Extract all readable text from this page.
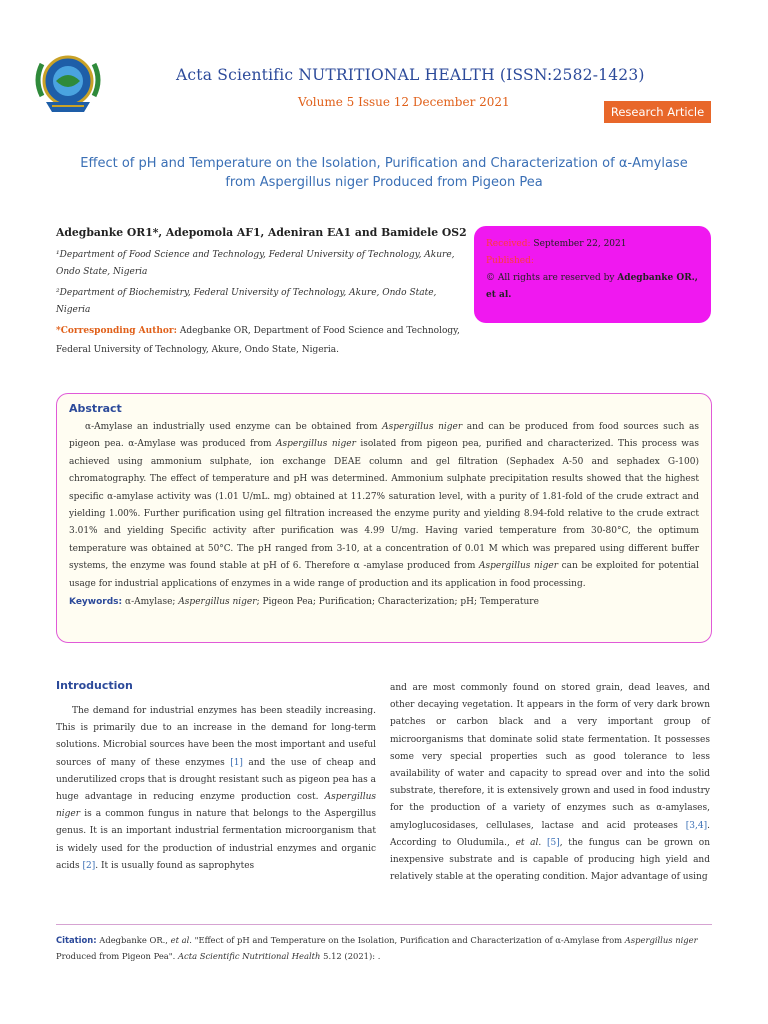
Acta Scientific NUTRITIONAL HEALTH (ISSN:2582-1423)
Volume 5 Issue 12 December 2021
Research Article
Effect of pH and Temperature on the Isolation, Purification and Characterization of α-Amylase
from Aspergillus niger Produced from Pigeon Pea
Adegbanke OR1*, Adepomola AF1, Adeniran EA1 and Bamidele OS2
¹Department of Food Science and Technology, Federal University of Technology, Akure, Ondo State, Nigeria
²Department of Biochemistry, Federal University of Technology, Akure, Ondo State, Nigeria
*Corresponding Author: Adegbanke OR, Department of Food Science and Technology, Federal University of Technology, Akure, Ondo State, Nigeria.
Received: September 22, 2021
Published:
© All rights are reserved by Adegbanke OR., et al.
Abstract

α-Amylase an industrially used enzyme can be obtained from Aspergillus niger and can be produced from food sources such as pigeon pea. α-Amylase was produced from Aspergillus niger isolated from pigeon pea, purified and characterized. This process was achieved using ammonium sulphate, ion exchange DEAE column and gel filtration (Sephadex A-50 and sephadex G-100) chromatography. The effect of temperature and pH was determined. Ammonium sulphate precipitation results showed that the highest specific α-amylase activity was (1.01 U/mL. mg) obtained at 11.27% saturation level, with a purity of 1.81-fold of the crude extract and yielding 1.00%. Further purification using gel filtration increased the enzyme purity and yielding 8.94-fold relative to the crude extract 3.01% and yielding Specific activity after purification was 4.99 U/mg. Having varied temperature from 30-80°C, the optimum temperature was obtained at 50°C. The pH ranged from 3-10, at a concentration of 0.01 M which was prepared using different buffer systems, the enzyme was found stable at pH of 6. Therefore α -amylase produced from Aspergillus niger can be exploited for potential usage for industrial applications of enzymes in a wide range of production and its application in food processing.

Keywords: α-Amylase; Aspergillus niger; Pigeon Pea; Purification; Characterization; pH; Temperature
Introduction

The demand for industrial enzymes has been steadily increasing. This is primarily due to an increase in the demand for long-term solutions. Microbial sources have been the most important and useful sources of many of these enzymes [1] and the use of cheap and underutilized crops that is drought resistant such as pigeon pea has a huge advantage in reducing enzyme production cost. Aspergillus niger is a common fungus in nature that belongs to the Aspergillus genus. It is an important industrial fermentation microorganism that is widely used for the production of industrial enzymes and organic acids [2]. It is usually found as saprophytes

and are most commonly found on stored grain, dead leaves, and other decaying vegetation. It appears in the form of very dark brown patches or carbon black and a very important group of microorganisms that dominate solid state fermentation. It possesses some very special properties such as good tolerance to less availability of water and capacity to spread over and into the solid substrate, therefore, it is extensively grown and used in food industry for the production of a variety of enzymes such as α-amylases, amyloglucosidases, cellulases, lactase and acid proteases [3,4]. According to Oludumila., et al. [5], the fungus can be grown on inexpensive substrate and is capable of producing high yield and relatively stable at the operating condition. Major advantage of using

Citation: Adegbanke OR., et al. "Effect of pH and Temperature on the Isolation, Purification and Characterization of α-Amylase from Aspergillus niger Produced from Pigeon Pea". Acta Scientific Nutritional Health 5.12 (2021): .
